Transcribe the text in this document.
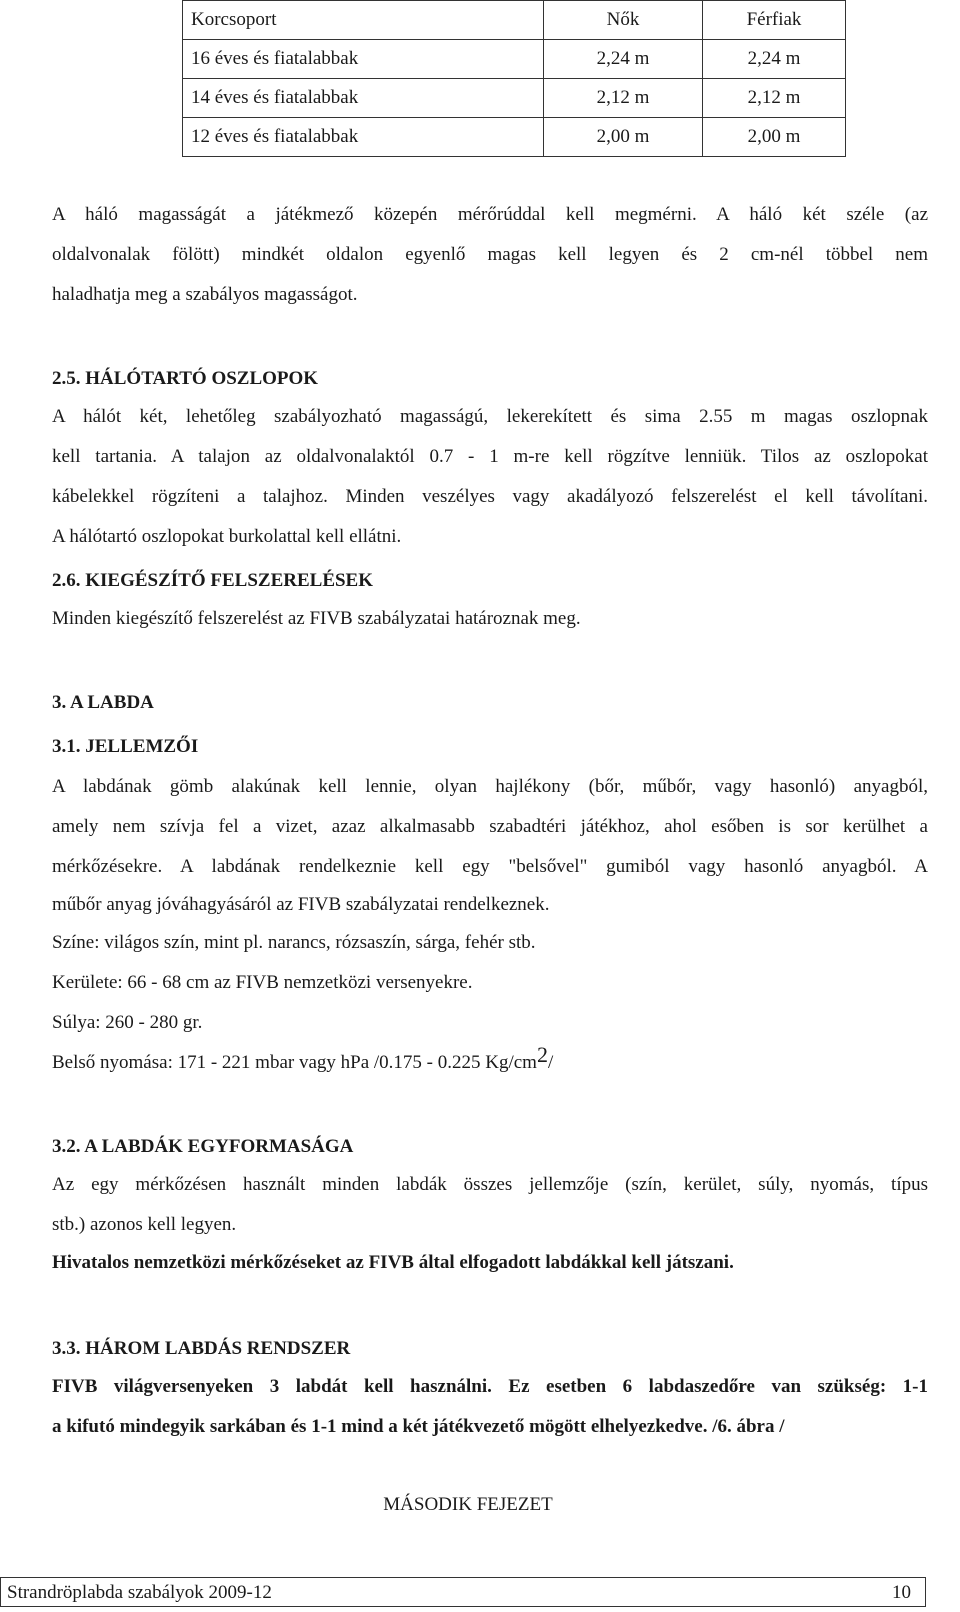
Korcsoport	Nők	Férfiak
16 éves és fiatalabbak	2,24 m	2,24 m
14 éves és fiatalabbak	2,12 m	2,12 m
12 éves és fiatalabbak	2,00 m	2,00 m
A háló magasságát a játékmező közepén mérőrúddal kell megmérni. A háló két széle (az
oldalvonalak fölött) mindkét oldalon egyenlő magas kell legyen és 2 cm-nél többel nem
haladhatja meg a szabályos magasságot.
2.5. HÁLÓTARTÓ OSZLOPOK
A hálót két, lehetőleg szabályozható magasságú, lekerekített és sima 2.55 m magas oszlopnak
kell tartania. A talajon az oldalvonalaktól 0.7 - 1 m-re kell rögzítve lenniük. Tilos az oszlopokat
kábelekkel rögzíteni a talajhoz. Minden veszélyes vagy akadályozó felszerelést el kell távolítani.
A hálótartó oszlopokat burkolattal kell ellátni.
2.6. KIEGÉSZÍTŐ FELSZERELÉSEK
Minden kiegészítő felszerelést az FIVB szabályzatai határoznak meg.
3. A LABDA
3.1. JELLEMZŐI
A labdának gömb alakúnak kell lennie, olyan hajlékony (bőr, műbőr, vagy hasonló) anyagból,
amely nem szívja fel a vizet, azaz alkalmasabb szabadtéri játékhoz, ahol esőben is sor kerülhet a
mérkőzésekre. A labdának rendelkeznie kell egy "belsővel" gumiból vagy hasonló anyagból. A
műbőr anyag jóváhagyásáról az FIVB szabályzatai rendelkeznek.
Színe: világos szín, mint pl. narancs, rózsaszín, sárga, fehér stb.
Kerülete: 66 - 68 cm az FIVB nemzetközi versenyekre.
Súlya: 260 - 280 gr.
Belső nyomása: 171 - 221 mbar vagy hPa /0.175 - 0.225 $Kg/cm^2/$
3.2. A LABDÁK EGYFORMASÁGA
Az egy mérkőzésen használt minden labdák összes jellemzője (szín, kerület, súly, nyomás, típus
stb.) azonos kell legyen.
Hivatalos nemzetközi mérkőzéseket az FIVB által elfogadott labdákkal kell játszani.
3.3. HÁROM LABDÁS RENDSZER
FIVB világversenyeken 3 labdát kell használni. Ez esetben 6 labdaszedőre van szükség: 1-1
a kifutó mindegyik sarkában és 1-1 mind a két játékvezető mögött elhelyezkedve. /6. ábra /
MÁSODIK FEJEZET
Strandröplabda szabályok 2009-12	10
